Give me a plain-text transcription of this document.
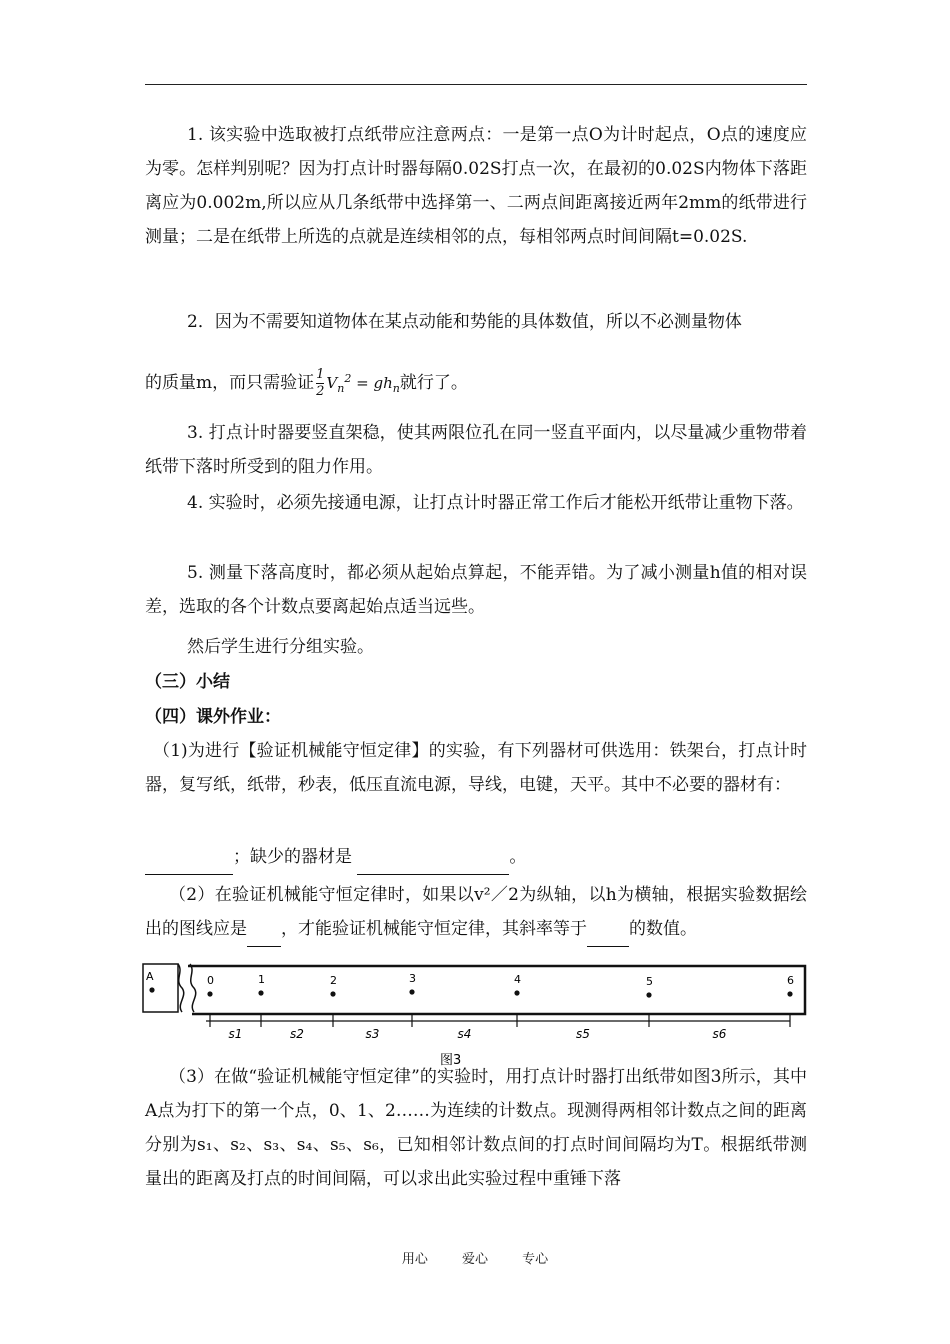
1. 该实验中选取被打点纸带应注意两点：一是第一点O为计时起点，O点的速度应为零。怎样判别呢？因为打点计时器每隔0.02S打点一次，在最初的0.02S内物体下落距离应为0.002m,所以应从几条纸带中选择第一、二两点间距离接近两年2mm的纸带进行测量；二是在纸带上所选的点就是连续相邻的点，每相邻两点时间间隔t=0.02S.
2．因为不需要知道物体在某点动能和势能的具体数值，所以不必测量物体
的质量m，而只需验证 $\frac{1}{2} V_n^2 = gh_n$就行了。
3. 打点计时器要竖直架稳，使其两限位孔在同一竖直平面内，以尽量减少重物带着纸带下落时所受到的阻力作用。
4. 实验时，必须先接通电源，让打点计时器正常工作后才能松开纸带让重物下落。
5. 测量下落高度时，都必须从起始点算起，不能弄错。为了减小测量h值的相对误差，选取的各个计数点要离起始点适当远些。
然后学生进行分组实验。
（三）小结
（四）课外作业：
（1)为进行【验证机械能守恒定律】的实验，有下列器材可供选用：铁架台，打点计时器，复写纸，纸带，秒表，低压直流电源，导线，电键，天平。其中不必要的器材有：
；缺少的器材是	。
（2）在验证机械能守恒定律时，如果以v²／2为纵轴，以h为横轴，根据实验数据绘出的图线应是 ，才能验证机械能守恒定律，其斜率等于 的数值。
A	0	1	2	3	4	5	6
s1	s2	s3	s4	s5	s6
图3
（3）在做“验证机械能守恒定律”的实验时，用打点计时器打出纸带如图3所示，其中A点为打下的第一个点，0、1、2……为连续的计数点。现测得两相邻计数点之间的距离分别为s₁、s₂、s₃、s₄、s₅、s₆，已知相邻计数点间的打点时间间隔均为T。根据纸带测量出的距离及打点的时间间隔，可以求出此实验过程中重锤下落
用心 爱心 专心
